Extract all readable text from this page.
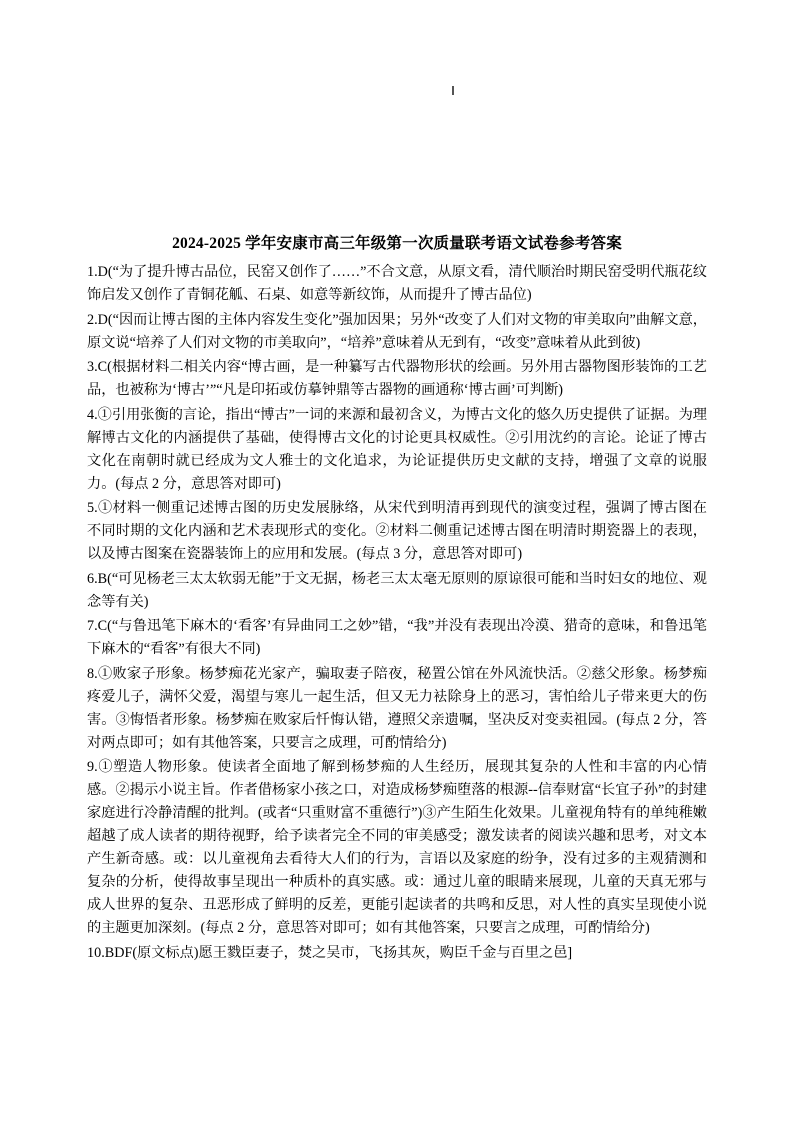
2024-2025 学年安康市高三年级第一次质量联考语文试卷参考答案

1.D(“为了提升博古品位，民窑又创作了……”不合文意，从原文看，清代顺治时期民窑受明代瓶花纹饰启发又创作了青铜花觚、石桌、如意等新纹饰，从而提升了博古品位)

2.D(“因而让博古图的主体内容发生变化”强加因果；另外“改变了人们对文物的审美取向”曲解文意，原文说“培养了人们对文物的市美取向”，“培养”意味着从无到有，“改变”意味着从此到彼)

3.C(根据材料二相关内容“博古画，是一种纂写古代器物形状的绘画。另外用古器物图形装饰的工艺品，也被称为‘博古’”“凡是印拓或仿摹钟鼎等古器物的画通称‘博古画’可判断)

4.①引用张衡的言论，指出“博古”一词的来源和最初含义，为博古文化的悠久历史提供了证据。为理解博古文化的内涵提供了基础，使得博古文化的讨论更具权威性。②引用沈约的言论。论证了博古文化在南朝时就已经成为文人雅士的文化追求，为论证提供历史文献的支持，增强了文章的说服力。(每点 2 分，意思答对即可)

5.①材料一侧重记述博古图的历史发展脉络，从宋代到明清再到现代的演变过程，强调了博古图在不同时期的文化内涵和艺术表现形式的变化。②材料二侧重记述博古图在明清时期瓷器上的表现，以及博古图案在瓷器装饰上的应用和发展。(每点 3 分，意思答对即可)

6.B(“可见杨老三太太软弱无能”于文无据，杨老三太太毫无原则的原谅很可能和当时妇女的地位、观念等有关)

7.C(“与鲁迅笔下麻木的‘看客’有异曲同工之妙”错，“我”并没有表现出冷漠、猎奇的意味，和鲁迅笔下麻木的“看客”有很大不同)

8.①败家子形象。杨梦痴花光家产，骗取妻子陪夜，秘置公馆在外风流快活。②慈父形象。杨梦痴疼爱儿子，满怀父爱，渴望与寒儿一起生活，但又无力袪除身上的恶习，害怕给儿子带来更大的伤害。③悔悟者形象。杨梦痴在败家后忏悔认错，遵照父亲遗嘱，坚决反对变卖祖园。(每点 2 分，答对两点即可；如有其他答案，只要言之成理，可酌情给分)

9.①塑造人物形象。使读者全面地了解到杨梦痴的人生经历，展现其复杂的人性和丰富的内心情感。②揭示小说主旨。作者借杨家小孩之口，对造成杨梦痴堕落的根源--信奉财富“长宜子孙”的封建家庭进行冷静清醒的批判。(或者“只重财富不重德行”)③产生陌生化效果。儿童视角特有的单纯稚嫩超越了成人读者的期待视野，给予读者完全不同的审美感受；激发读者的阅读兴趣和思考，对文本产生新奇感。或：以儿童视角去看待大人们的行为，言语以及家庭的纷争，没有过多的主观猜测和复杂的分析，使得故事呈现出一种质朴的真实感。或：通过儿童的眼睛来展现，儿童的天真无邪与成人世界的复杂、丑恶形成了鲜明的反差，更能引起读者的共鸣和反思，对人性的真实呈现使小说的主题更加深刻。(每点 2 分，意思答对即可；如有其他答案，只要言之成理，可酌情给分)

10.BDF(原文标点)愿王戮臣妻子，焚之吴市，飞扬其灰，购臣千金与百里之邑]
